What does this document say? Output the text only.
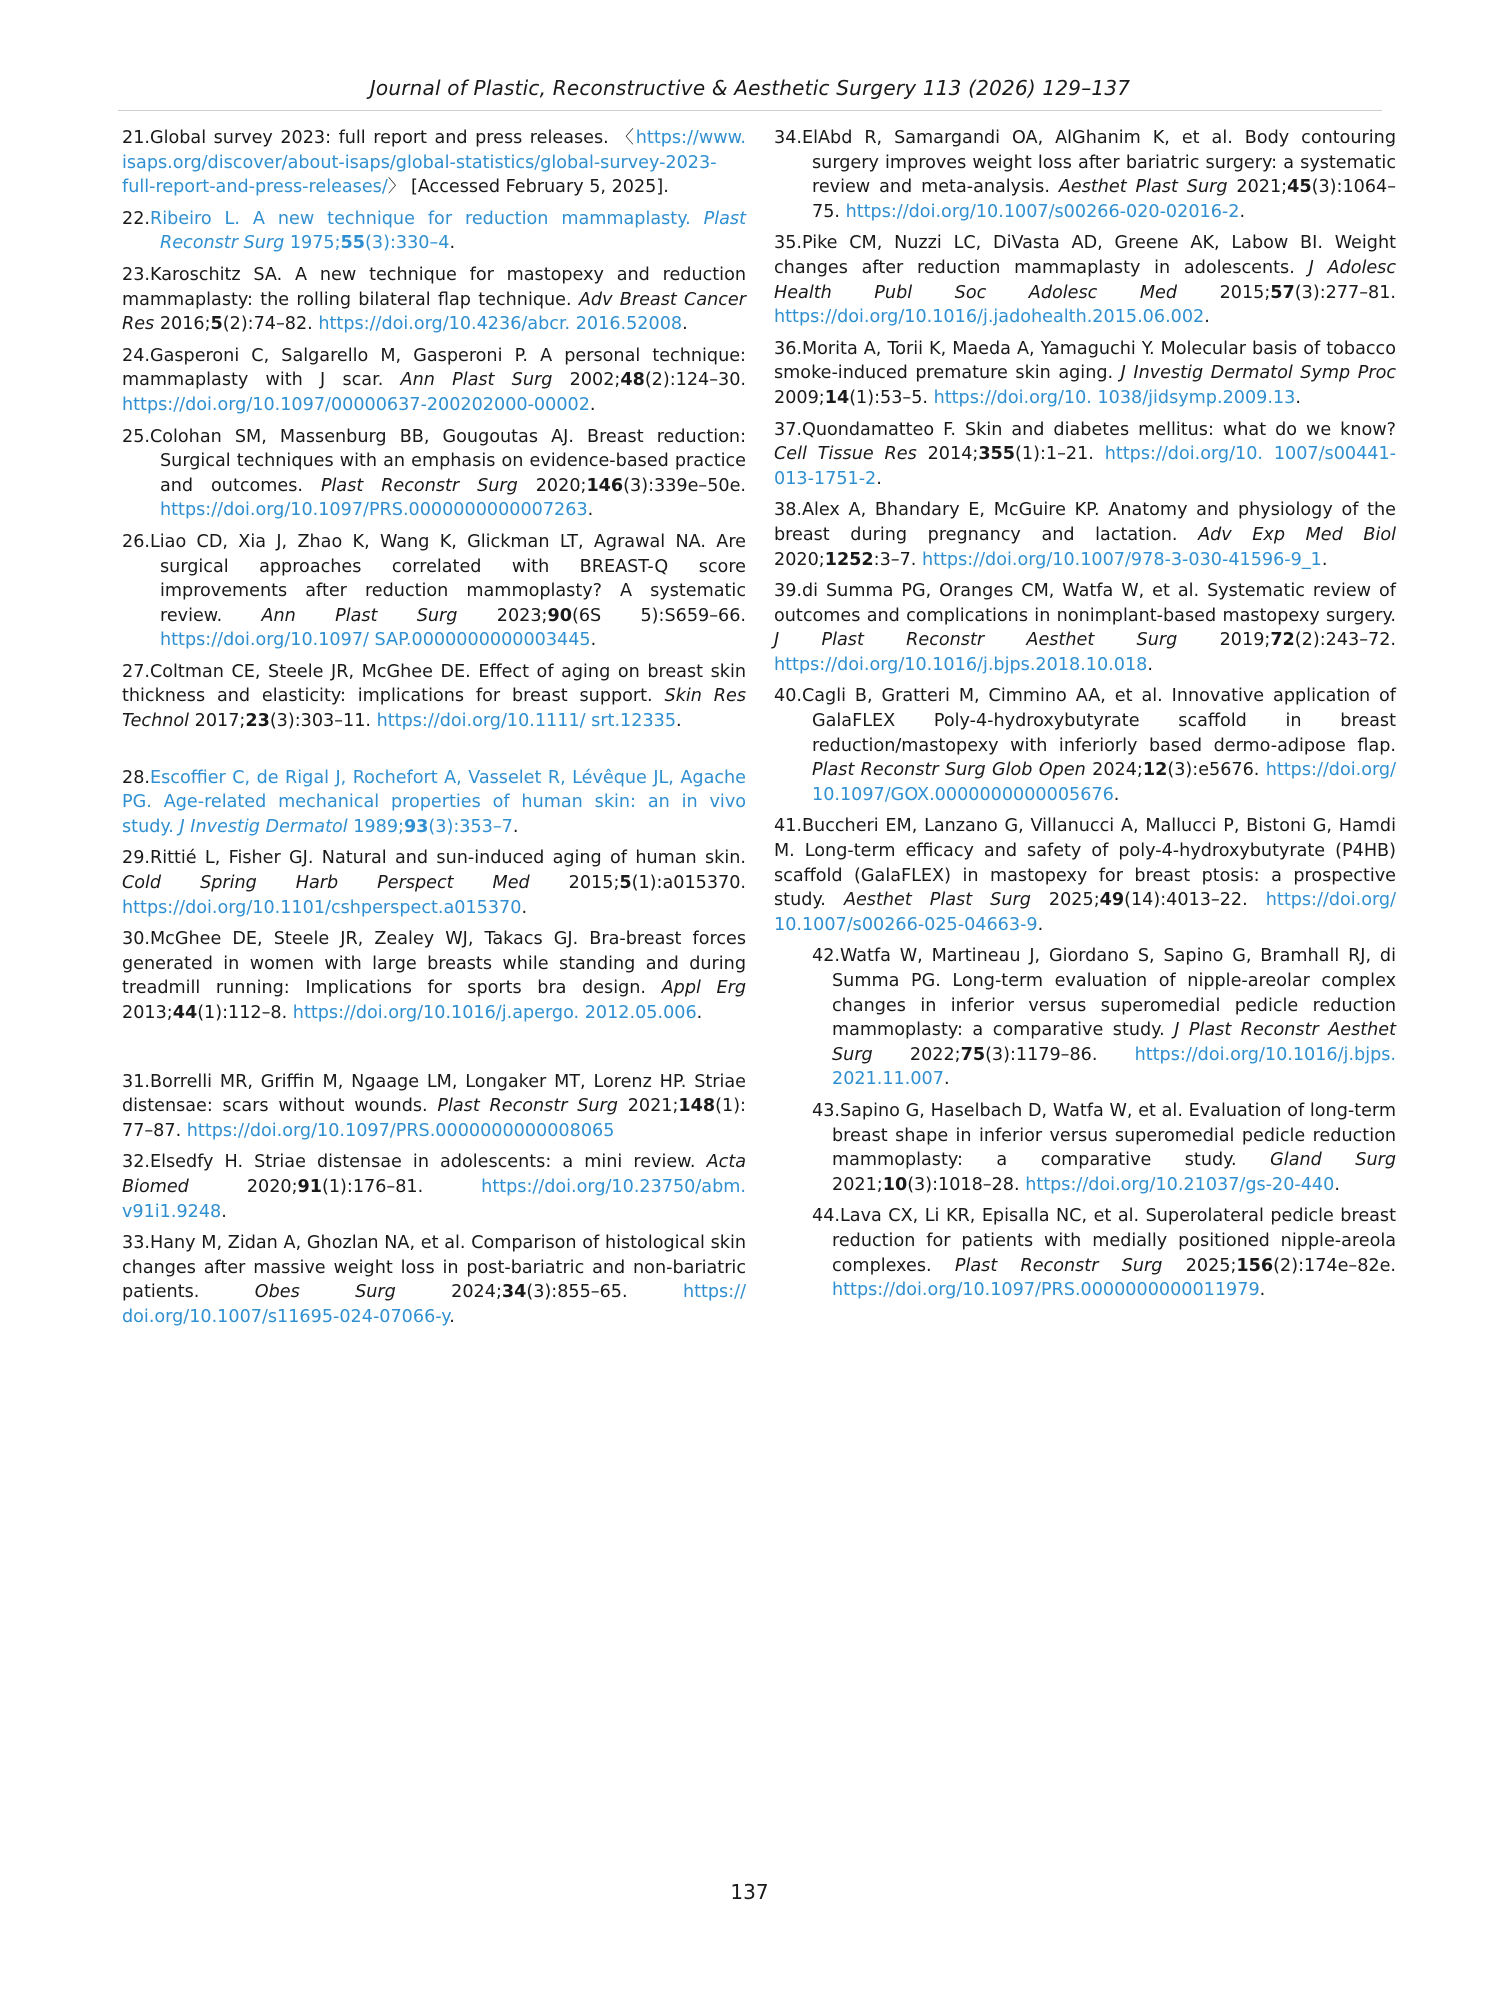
Journal of Plastic, Reconstructive & Aesthetic Surgery 113 (2026) 129–137

21.Global survey 2023: full report and press releases. 〈https://www. isaps.org/discover/about-isaps/global-statistics/global-survey-2023-full-report-and-press-releases/〉 [Accessed February 5, 2025].

22.Ribeiro L. A new technique for reduction mammaplasty. Plast Reconstr Surg 1975;55(3):330–4.

23.Karoschitz SA. A new technique for mastopexy and reduction mammaplasty: the rolling bilateral flap technique. Adv Breast Cancer Res 2016;5(2):74–82. https://doi.org/10.4236/abcr. 2016.52008.

24.Gasperoni C, Salgarello M, Gasperoni P. A personal technique: mammaplasty with J scar. Ann Plast Surg 2002;48(2):124–30. https://doi.org/10.1097/00000637-200202000-00002.

25.Colohan SM, Massenburg BB, Gougoutas AJ. Breast reduction: Surgical techniques with an emphasis on evidence-based practice and outcomes. Plast Reconstr Surg 2020;146(3):339e–50e. https://doi.org/10.1097/PRS.0000000000007263.

26.Liao CD, Xia J, Zhao K, Wang K, Glickman LT, Agrawal NA. Are surgical approaches correlated with BREAST-Q score improvements after reduction mammoplasty? A systematic review. Ann Plast Surg 2023;90(6S 5):S659–66. https://doi.org/10.1097/ SAP.0000000000003445.

27.Coltman CE, Steele JR, McGhee DE. Effect of aging on breast skin thickness and elasticity: implications for breast support. Skin Res Technol 2017;23(3):303–11. https://doi.org/10.1111/ srt.12335.

28.Escoffier C, de Rigal J, Rochefort A, Vasselet R, Lévêque JL, Agache PG. Age-related mechanical properties of human skin: an in vivo study. J Investig Dermatol 1989;93(3):353–7.

29.Rittié L, Fisher GJ. Natural and sun-induced aging of human skin. Cold Spring Harb Perspect Med 2015;5(1):a015370. https://doi.org/10.1101/cshperspect.a015370.

30.McGhee DE, Steele JR, Zealey WJ, Takacs GJ. Bra-breast forces generated in women with large breasts while standing and during treadmill running: Implications for sports bra design. Appl Erg 2013;44(1):112–8. https://doi.org/10.1016/j.apergo. 2012.05.006.

31.Borrelli MR, Griffin M, Ngaage LM, Longaker MT, Lorenz HP. Striae distensae: scars without wounds. Plast Reconstr Surg 2021;148(1): 77–87. https://doi.org/10.1097/PRS.0000000000008065

32.Elsedfy H. Striae distensae in adolescents: a mini review. Acta Biomed	2020;91(1):176–81.	https://doi.org/10.23750/abm. v91i1.9248.

33.Hany M, Zidan A, Ghozlan NA, et al. Comparison of histological skin changes after massive weight loss in post-bariatric and non-bariatric patients.	Obes Surg	2024;34(3):855–65.	https:// doi.org/10.1007/s11695-024-07066-y.

34.ElAbd R, Samargandi OA, AlGhanim K, et al. Body contouring surgery improves weight loss after bariatric surgery: a systematic review and meta-analysis. Aesthet Plast Surg 2021;45(3):1064–75. https://doi.org/10.1007/s00266-020-02016-2.

35.Pike CM, Nuzzi LC, DiVasta AD, Greene AK, Labow BI. Weight changes after reduction mammaplasty in adolescents. J Adolesc Health Publ Soc Adolesc Med 2015;57(3):277–81. https://doi.org/10.1016/j.jadohealth.2015.06.002.

36.Morita A, Torii K, Maeda A, Yamaguchi Y. Molecular basis of tobacco smoke-induced premature skin aging. J Investig Dermatol Symp Proc 2009;14(1):53–5. https://doi.org/10. 1038/jidsymp.2009.13.

37.Quondamatteo F. Skin and diabetes mellitus: what do we know? Cell Tissue Res 2014;355(1):1–21. https://doi.org/10. 1007/s00441-013-1751-2.

38.Alex A, Bhandary E, McGuire KP. Anatomy and physiology of the breast during pregnancy and lactation. Adv Exp Med Biol 2020;1252:3–7. https://doi.org/10.1007/978-3-030-41596-9_1.

39.di Summa PG, Oranges CM, Watfa W, et al. Systematic review of outcomes and complications in nonimplant-based mastopexy surgery. J Plast Reconstr Aesthet Surg 2019;72(2):243–72. https://doi.org/10.1016/j.bjps.2018.10.018.

40.Cagli B, Gratteri M, Cimmino AA, et al. Innovative application of GalaFLEX Poly-4-hydroxybutyrate scaffold in breast reduction/mastopexy with inferiorly based dermo-adipose flap. Plast Reconstr Surg Glob Open 2024;12(3):e5676. https://doi.org/ 10.1097/GOX.0000000000005676.

41.Buccheri EM, Lanzano G, Villanucci A, Mallucci P, Bistoni G, Hamdi M. Long-term efficacy and safety of poly-4-hydroxybutyrate (P4HB) scaffold (GalaFLEX) in mastopexy for breast ptosis: a prospective study. Aesthet Plast Surg 2025;49(14):4013–22. https://doi.org/ 10.1007/s00266-025-04663-9.

42.Watfa W, Martineau J, Giordano S, Sapino G, Bramhall RJ, di Summa PG. Long-term evaluation of nipple-areolar complex changes in inferior versus superomedial pedicle reduction mammoplasty: a comparative study. J Plast Reconstr Aesthet Surg 2022;75(3):1179–86. https://doi.org/10.1016/j.bjps. 2021.11.007.

43.Sapino G, Haselbach D, Watfa W, et al. Evaluation of long-term breast shape in inferior versus superomedial pedicle reduction mammoplasty: a comparative study. Gland Surg 2021;10(3):1018–28. https://doi.org/10.21037/gs-20-440.

44.Lava CX, Li KR, Episalla NC, et al. Superolateral pedicle breast reduction for patients with medially positioned nipple-areola complexes. Plast Reconstr Surg 2025;156(2):174e–82e. https://doi.org/10.1097/PRS.0000000000011979.

137
